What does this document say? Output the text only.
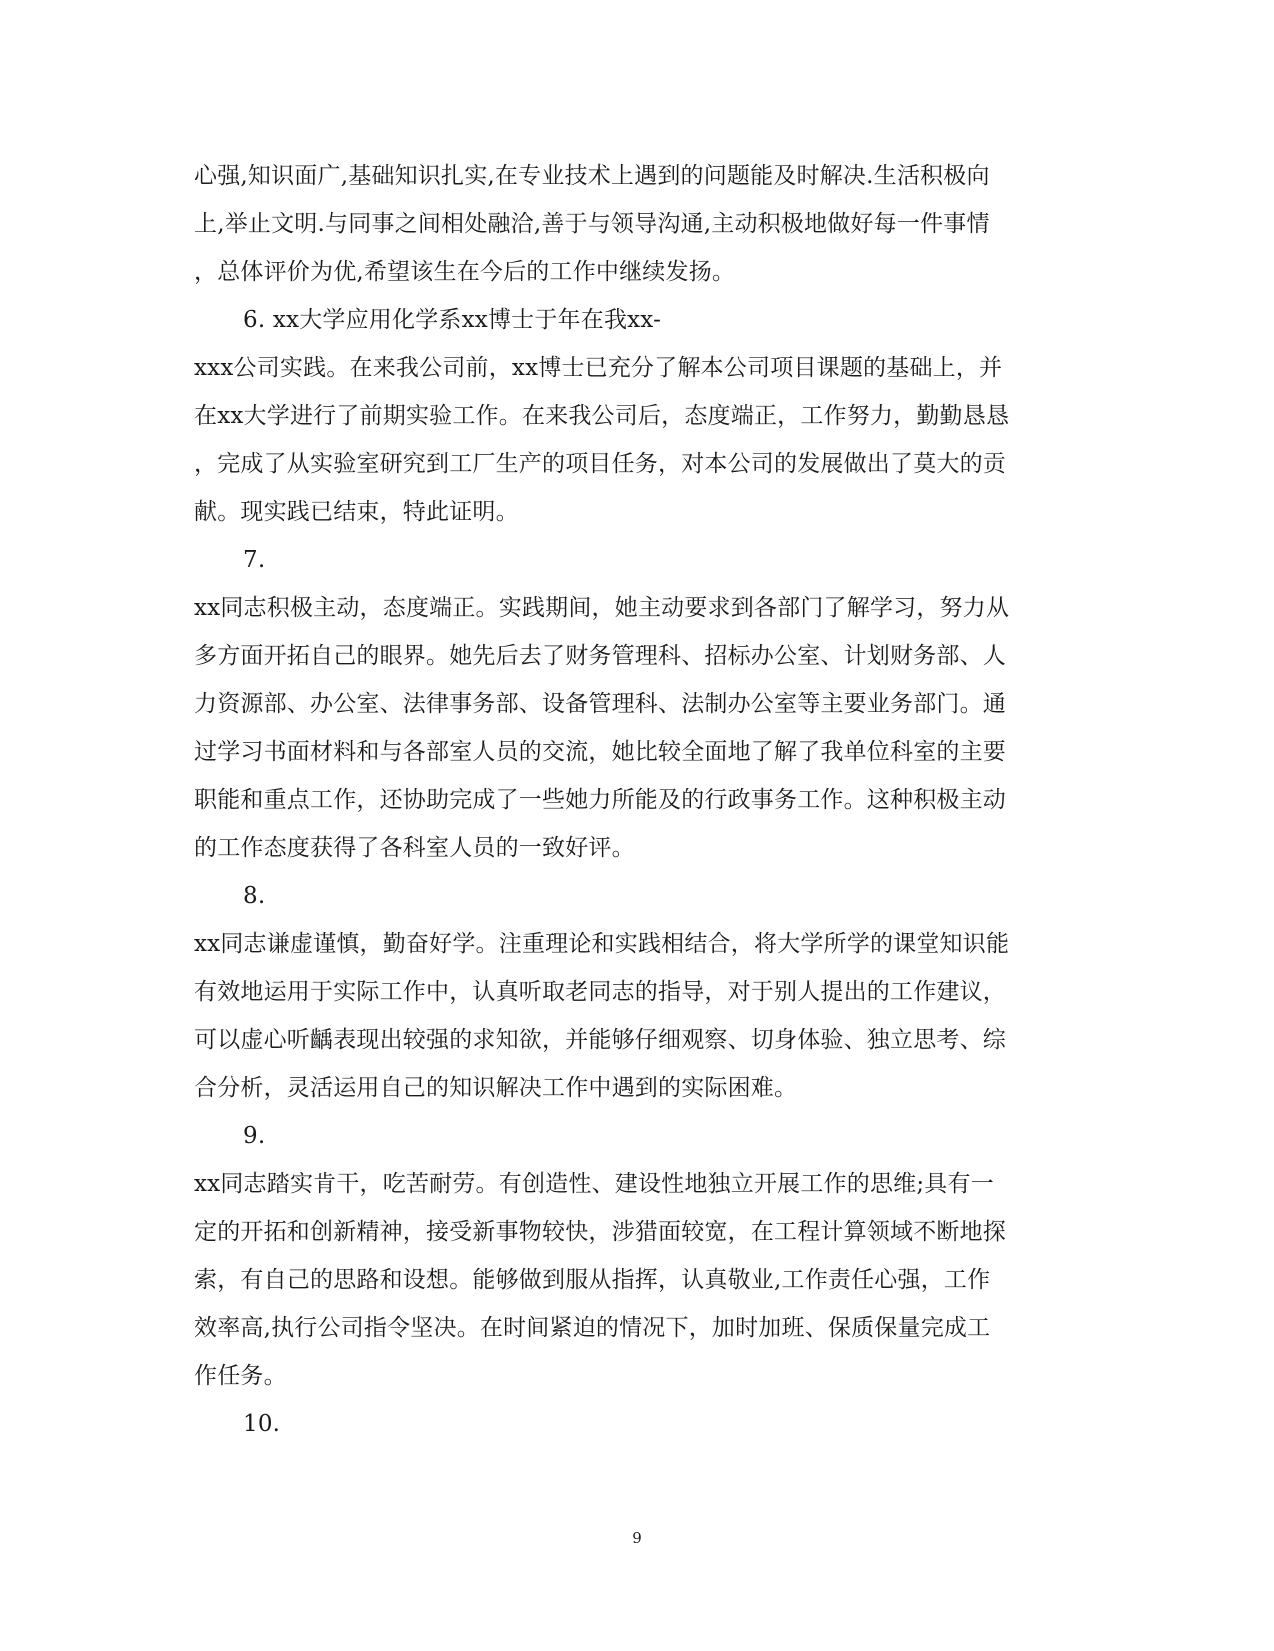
心强,知识面广,基础知识扎实,在专业技术上遇到的问题能及时解决.生活积极向
上,举止文明.与同事之间相处融洽,善于与领导沟通,主动积极地做好每一件事情
，总体评价为优,希望该生在今后的工作中继续发扬。
6. xx大学应用化学系xx博士于年在我xx-
xxx公司实践。在来我公司前，xx博士已充分了解本公司项目课题的基础上，并
在xx大学进行了前期实验工作。在来我公司后，态度端正，工作努力，勤勤恳恳
，完成了从实验室研究到工厂生产的项目任务，对本公司的发展做出了莫大的贡
献。现实践已结束，特此证明。
7.
xx同志积极主动，态度端正。实践期间，她主动要求到各部门了解学习，努力从
多方面开拓自己的眼界。她先后去了财务管理科、招标办公室、计划财务部、人
力资源部、办公室、法律事务部、设备管理科、法制办公室等主要业务部门。通
过学习书面材料和与各部室人员的交流，她比较全面地了解了我单位科室的主要
职能和重点工作，还协助完成了一些她力所能及的行政事务工作。这种积极主动
的工作态度获得了各科室人员的一致好评。
8.
xx同志谦虚谨慎，勤奋好学。注重理论和实践相结合，将大学所学的课堂知识能
有效地运用于实际工作中，认真听取老同志的指导，对于别人提出的工作建议，
可以虚心听齲表现出较强的求知欲，并能够仔细观察、切身体验、独立思考、综
合分析，灵活运用自己的知识解决工作中遇到的实际困难。
9.
xx同志踏实肯干，吃苦耐劳。有创造性、建设性地独立开展工作的思维;具有一
定的开拓和创新精神，接受新事物较快，涉猎面较宽，在工程计算领域不断地探
索，有自己的思路和设想。能够做到服从指挥，认真敬业,工作责任心强，工作
效率高,执行公司指令坚决。在时间紧迫的情况下，加时加班、保质保量完成工
作任务。
10.
9
